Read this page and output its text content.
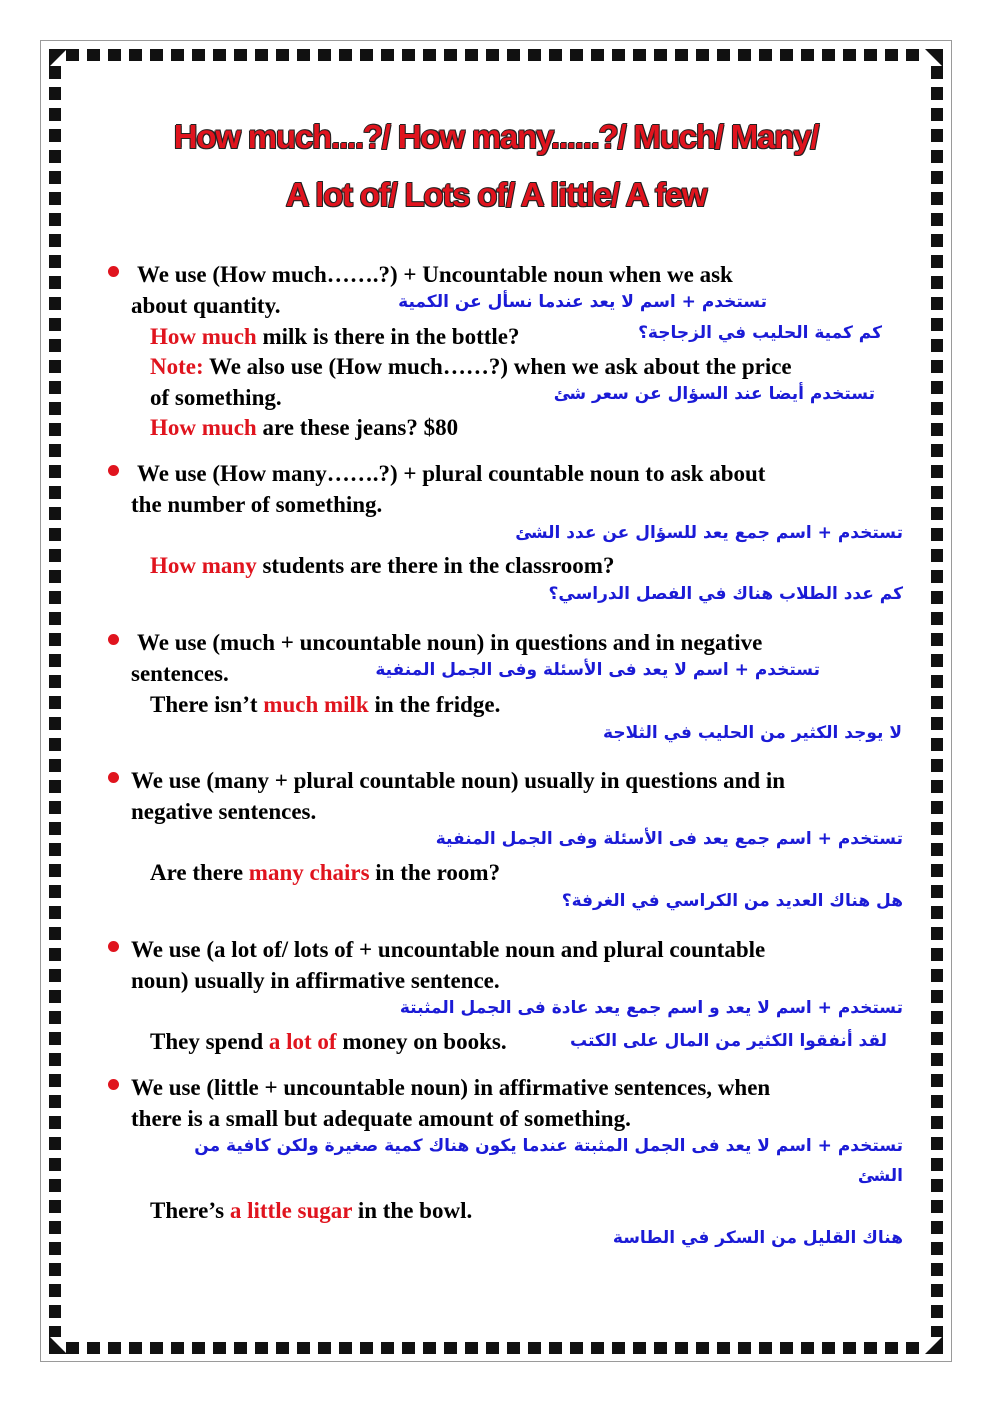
How much....?/ How many......?/ Much/ Many/
A lot of/ Lots of/ A little/ A few
We use (How much…….?) + Uncountable noun when we ask
about quantity.	تستخدم + اسم لا يعد عندما نسأل عن الكمية
How much milk is there in the bottle?	كم كمية الحليب في الزجاجة؟
Note: We also use (How much……?) when we ask about the price
of something.	تستخدم أيضا عند السؤال عن سعر شئ
How much are these jeans? $80
We use (How many…….?) + plural countable noun to ask about
the number of something.
تستخدم + اسم جمع يعد للسؤال عن عدد الشئ
How many students are there in the classroom?
كم عدد الطلاب هناك في الفصل الدراسي؟
We use (much + uncountable noun) in questions and in negative
sentences.	تستخدم + اسم لا يعد فى الأسئلة وفى الجمل المنفية
There isn’t much milk in the fridge.
لا يوجد الكثير من الحليب في الثلاجة
We use (many + plural countable noun) usually in questions and in
negative sentences.
تستخدم + اسم جمع يعد فى الأسئلة وفى الجمل المنفية
Are there many chairs in the room?
هل هناك العديد من الكراسي في الغرفة؟
We use (a lot of/ lots of + uncountable noun and plural countable
noun) usually in affirmative sentence.
تستخدم + اسم لا يعد و اسم جمع يعد عادة فى الجمل المثبتة
They spend a lot of money on books.	لقد أنفقوا الكثير من المال على الكتب
We use (little + uncountable noun) in affirmative sentences, when
there is a small but adequate amount of something.
تستخدم + اسم لا يعد فى الجمل المثبتة عندما يكون هناك كمية صغيرة ولكن كافية من
الشئ
There’s a little sugar in the bowl.
هناك القليل من السكر في الطاسة
